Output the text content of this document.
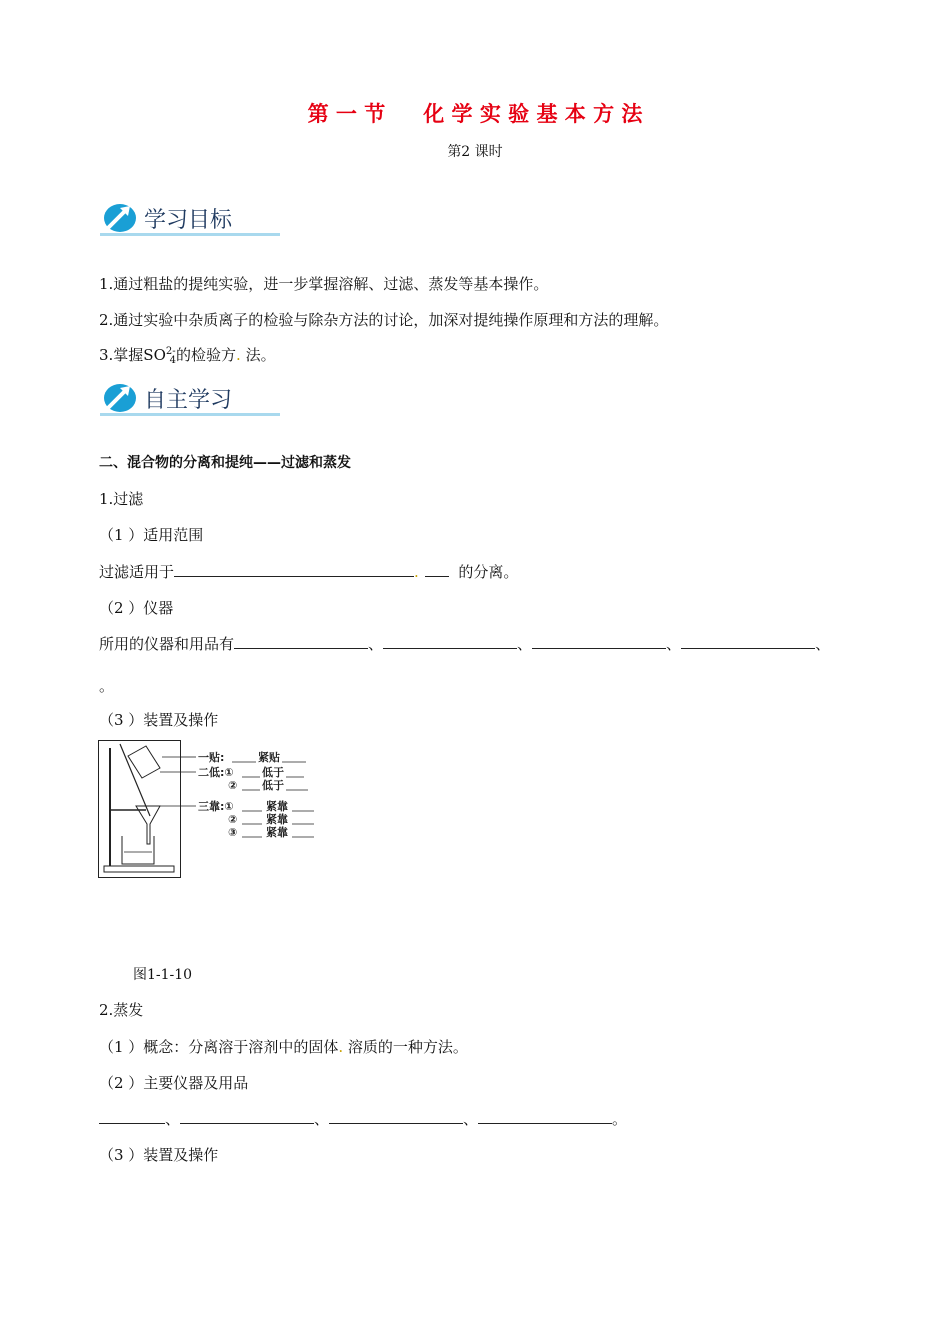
第 一 节 化 学 实 验 基 本 方 法
第2 课时
学习目标
1.通过粗盐的提纯实验，进一步掌握溶解、过滤、蒸发等基本操作。
2.通过实验中杂质离子的检验与除杂方法的讨论，加深对提纯操作原理和方法的理解。
3.掌握$SO^{2-}_4$的检验方. 法。
自主学习
二、混合物的分离和提纯——过滤和蒸发
1.过滤
（1 ）适用范围
过滤适用于	.	的分离。
（2 ）仪器
所用的仪器和用品有	、	、	、	、
。
（3 ）装置及操作
一贴:	紧贴
二低:①	低于
② 低于
三靠:①	紧靠
②	紧靠
③	紧靠
图1-1-10
2.蒸发
（1 ）概念：分离溶于溶剂中的固体. 溶质的一种方法。
（2 ）主要仪器及用品
、	、	、	。
（3 ）装置及操作
